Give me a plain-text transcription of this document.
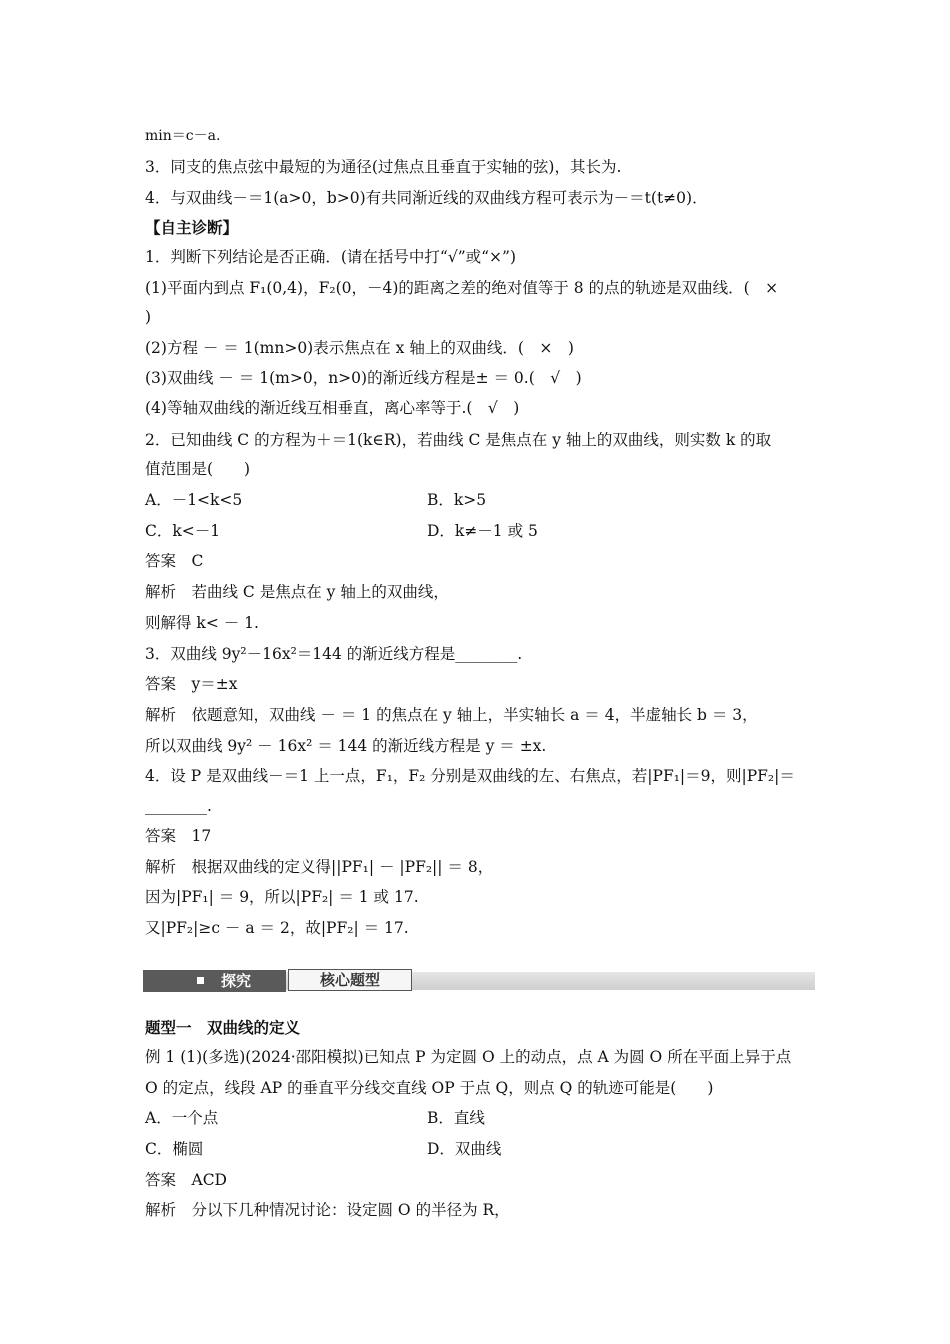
min＝c－a.
3．同支的焦点弦中最短的为通径(过焦点且垂直于实轴的弦)，其长为.
4．与双曲线－＝1(a>0，b>0)有共同渐近线的双曲线方程可表示为－＝t(t≠0)．
【自主诊断】
1．判断下列结论是否正确．(请在括号中打“√”或“×”)
(1)平面内到点 F₁(0,4)，F₂(0，－4)的距离之差的绝对值等于 8 的点的轨迹是双曲线．(　×
)
(2)方程 － ＝ 1(mn>0)表示焦点在 x 轴上的双曲线．(　×　)
(3)双曲线 － ＝ 1(m>0，n>0)的渐近线方程是± ＝ 0.(　√　)
(4)等轴双曲线的渐近线互相垂直，离心率等于.(　√　)
2．已知曲线 C 的方程为＋＝1(k∈R)，若曲线 C 是焦点在 y 轴上的双曲线，则实数 k 的取
值范围是(　　)
A．－1<k<5	B．k>5
C．k<－1	D．k≠－1 或 5
答案　C
解析　若曲线 C 是焦点在 y 轴上的双曲线，
则解得 k< － 1.
3．双曲线 9y²－16x²＝144 的渐近线方程是________.
答案　y＝±x
解析　依题意知，双曲线 － ＝ 1 的焦点在 y 轴上，半实轴长 a ＝ 4，半虚轴长 b ＝ 3，
所以双曲线 9y² － 16x² ＝ 144 的渐近线方程是 y ＝ ±x.
4．设 P 是双曲线－＝1 上一点，F₁，F₂ 分别是双曲线的左、右焦点，若|PF₁|＝9，则|PF₂|＝
________.
答案　17
解析　根据双曲线的定义得||PF₁| － |PF₂|| ＝ 8，
因为|PF₁| ＝ 9，所以|PF₂| ＝ 1 或 17.
又|PF₂|≥c － a ＝ 2，故|PF₂| ＝ 17.
探究	核心题型
题型一　双曲线的定义
例 1 (1)(多选)(2024·邵阳模拟)已知点 P 为定圆 O 上的动点，点 A 为圆 O 所在平面上异于点
O 的定点，线段 AP 的垂直平分线交直线 OP 于点 Q，则点 Q 的轨迹可能是(　　)
A．一个点	B．直线
C．椭圆	D．双曲线
答案　ACD
解析　分以下几种情况讨论：设定圆 O 的半径为 R，
